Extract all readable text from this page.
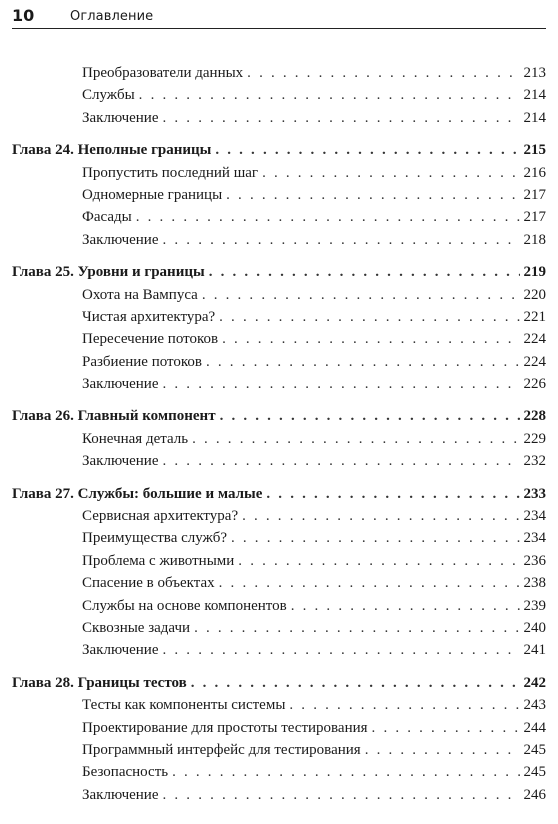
10	Оглавление
Преобразователи данных . . .	213
Службы . . .	214
Заключение . . .	214
Глава 24. Неполные границы . . .	215
Пропустить последний шаг . . .	216
Одномерные границы . . .	217
Фасады . . .	217
Заключение . . .	218
Глава 25. Уровни и границы . . .	219
Охота на Вампуса . . .	220
Чистая архитектура? . . .	221
Пересечение потоков . . .	224
Разбиение потоков . . .	224
Заключение . . .	226
Глава 26. Главный компонент . . .	228
Конечная деталь . . .	229
Заключение . . .	232
Глава 27. Службы: большие и малые . . .	233
Сервисная архитектура? . . .	234
Преимущества служб? . . .	234
Проблема с животными . . .	236
Спасение в объектах . . .	238
Службы на основе компонентов . . .	239
Сквозные задачи . . .	240
Заключение . . .	241
Глава 28. Границы тестов . . .	242
Тесты как компоненты системы . . .	243
Проектирование для простоты тестирования . . .	244
Программный интерфейс для тестирования . . .	245
Безопасность . . .	245
Заключение . . .	246
